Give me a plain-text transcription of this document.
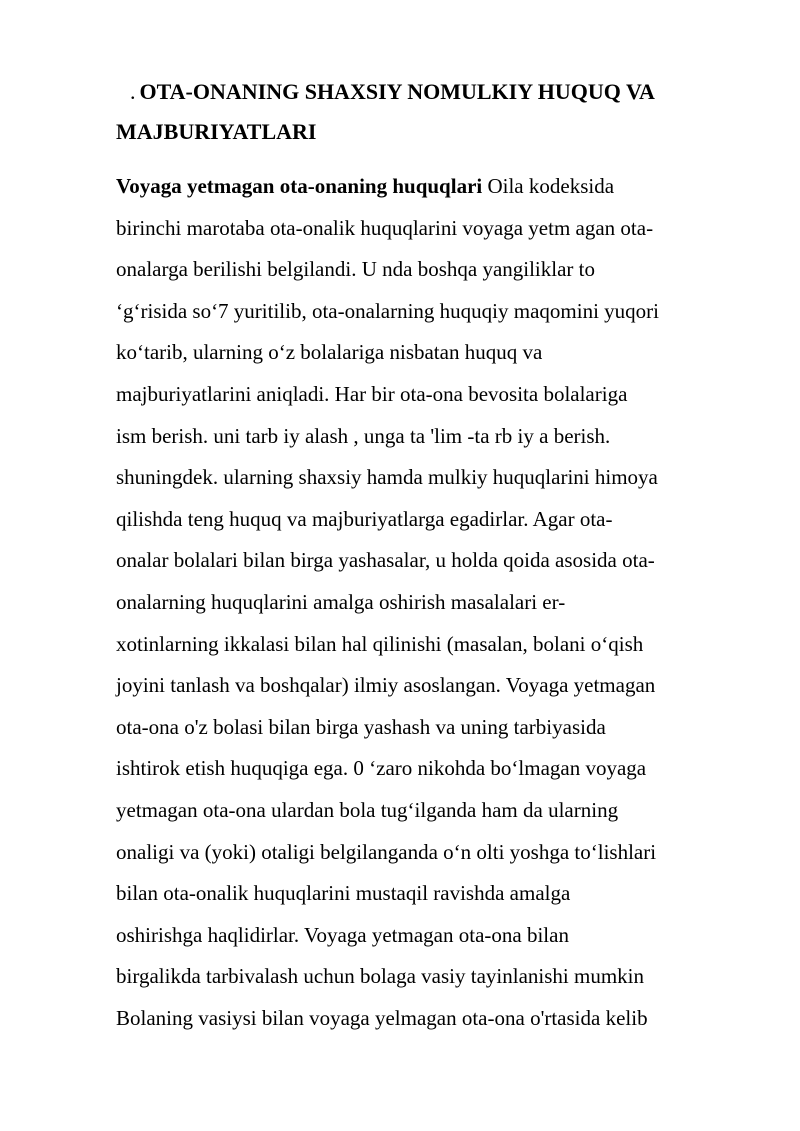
. OTA-ONANING SHAXSIY NOMULKIY HUQUQ VA
MAJBURIYATLARI
Voyaga yetmagan ota-onaning huquqlari Oila kodeksida
birinchi marotaba ota-onalik huquqlarini voyaga yetm agan ota-
onalarga berilishi belgilandi. U nda boshqa yangiliklar to
‘g‘risida so‘7 yuritilib, ota-onalarning huquqiy maqomini yuqori
ko‘tarib, ularning o‘z bolalariga nisbatan huquq va
majburiyatlarini aniqladi. Har bir ota-ona bevosita bolalariga
ism berish. uni tarb iy alash , unga ta 'lim -ta rb iy a berish.
shuningdek. ularning shaxsiy hamda mulkiy huquqlarini himoya
qilishda teng huquq va majburiyatlarga egadirlar. Agar ota-
onalar bolalari bilan birga yashasalar, u holda qoida asosida ota-
onalarning huquqlarini amalga oshirish masalalari er-
xotinlarning ikkalasi bilan hal qilinishi (masalan, bolani o‘qish
joyini tanlash va boshqalar) ilmiy asoslangan. Voyaga yetmagan
ota-ona o'z bolasi bilan birga yashash va uning tarbiyasida
ishtirok etish huquqiga ega. 0 ‘zaro nikohda bo‘lmagan voyaga
yetmagan ota-ona ulardan bola tug‘ilganda ham da ularning
onaligi va (yoki) otaligi belgilanganda o‘n olti yoshga to‘lishlari
bilan ota-onalik huquqlarini mustaqil ravishda amalga
oshirishga haqlidirlar. Voyaga yetmagan ota-ona bilan
birgalikda tarbivalash uchun bolaga vasiy tayinlanishi mumkin
Bolaning vasiysi bilan voyaga yelmagan ota-ona o'rtasida kelib
